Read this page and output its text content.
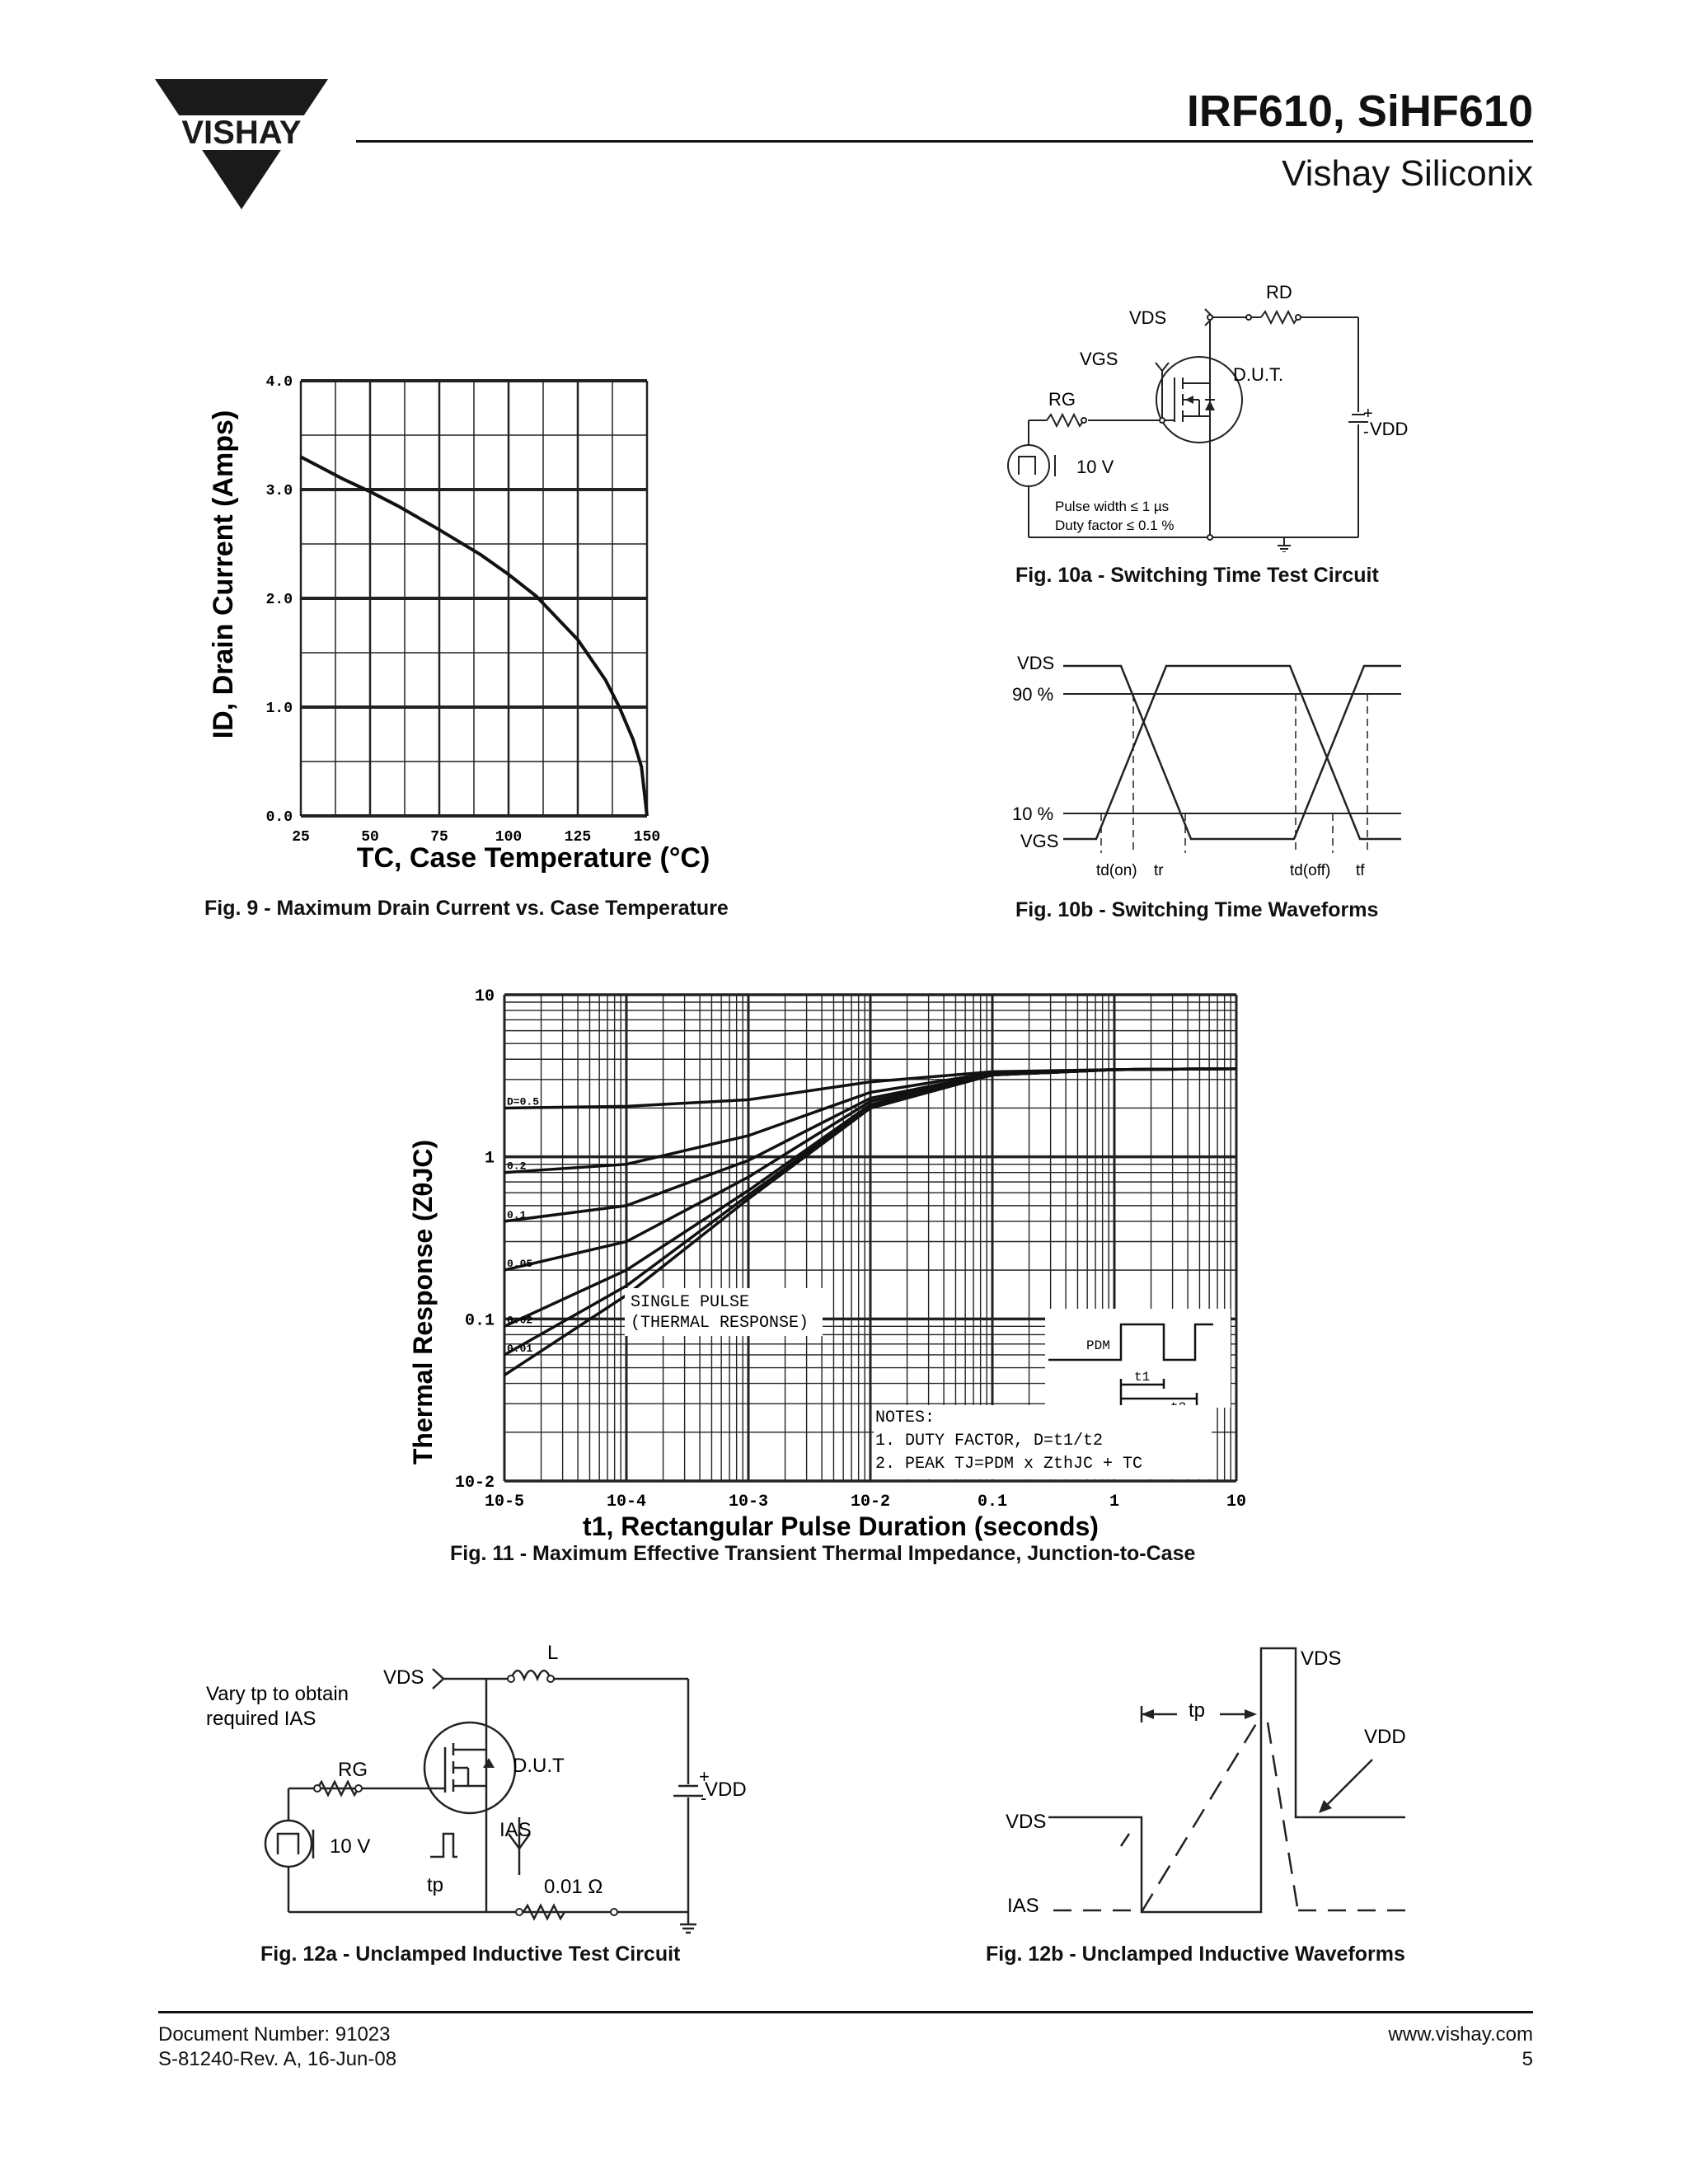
VISHAY	IRF610, SiHF610
Vishay Siliconix
25	50	75	100	125	150
0.0
1.0
2.0
3.0
4.0
ID, Drain Current (Amps)
TC, Case Temperature (°C)
Fig. 9 - Maximum Drain Current vs. Case Temperature
VDS
RD
VGS
RG
D.U.T.
VDD
+
-
10 V
Pulse width ≤ 1 µs
Duty factor ≤ 0.1 %
Fig. 10a - Switching Time Test Circuit
VDS
90 %
10 %
VGS
td(on) tr	td(off) tf
Fig. 10b - Switching Time Waveforms
10-5	10-4	10-3	10-2	0.1	1	10
10-2
0.1
1
10
SINGLE PULSE
(THERMAL RESPONSE)
PDM
t1
NOTES:
1. DUTY FACTOR, D=t1/t2
2. PEAK TJ=PDM x ZthJC + TC
D=0.5
0.2
0.1
0.05
0.02
0.01
Thermal Response (ZθJC)
t1, Rectangular Pulse Duration (seconds)
Fig. 11 - Maximum Effective Transient Thermal Impedance, Junction-to-Case
VDS
L
Vary tp to obtain
required IAS
RG	D.U.T
VDD
+
-
IAS
10 V
tp	0.01 Ω
Fig. 12a - Unclamped Inductive Test Circuit
VDS
VDD
tp
VDS
IAS
Fig. 12b - Unclamped Inductive Waveforms
Document Number: 91023
S-81240-Rev. A, 16-Jun-08
www.vishay.com
5
